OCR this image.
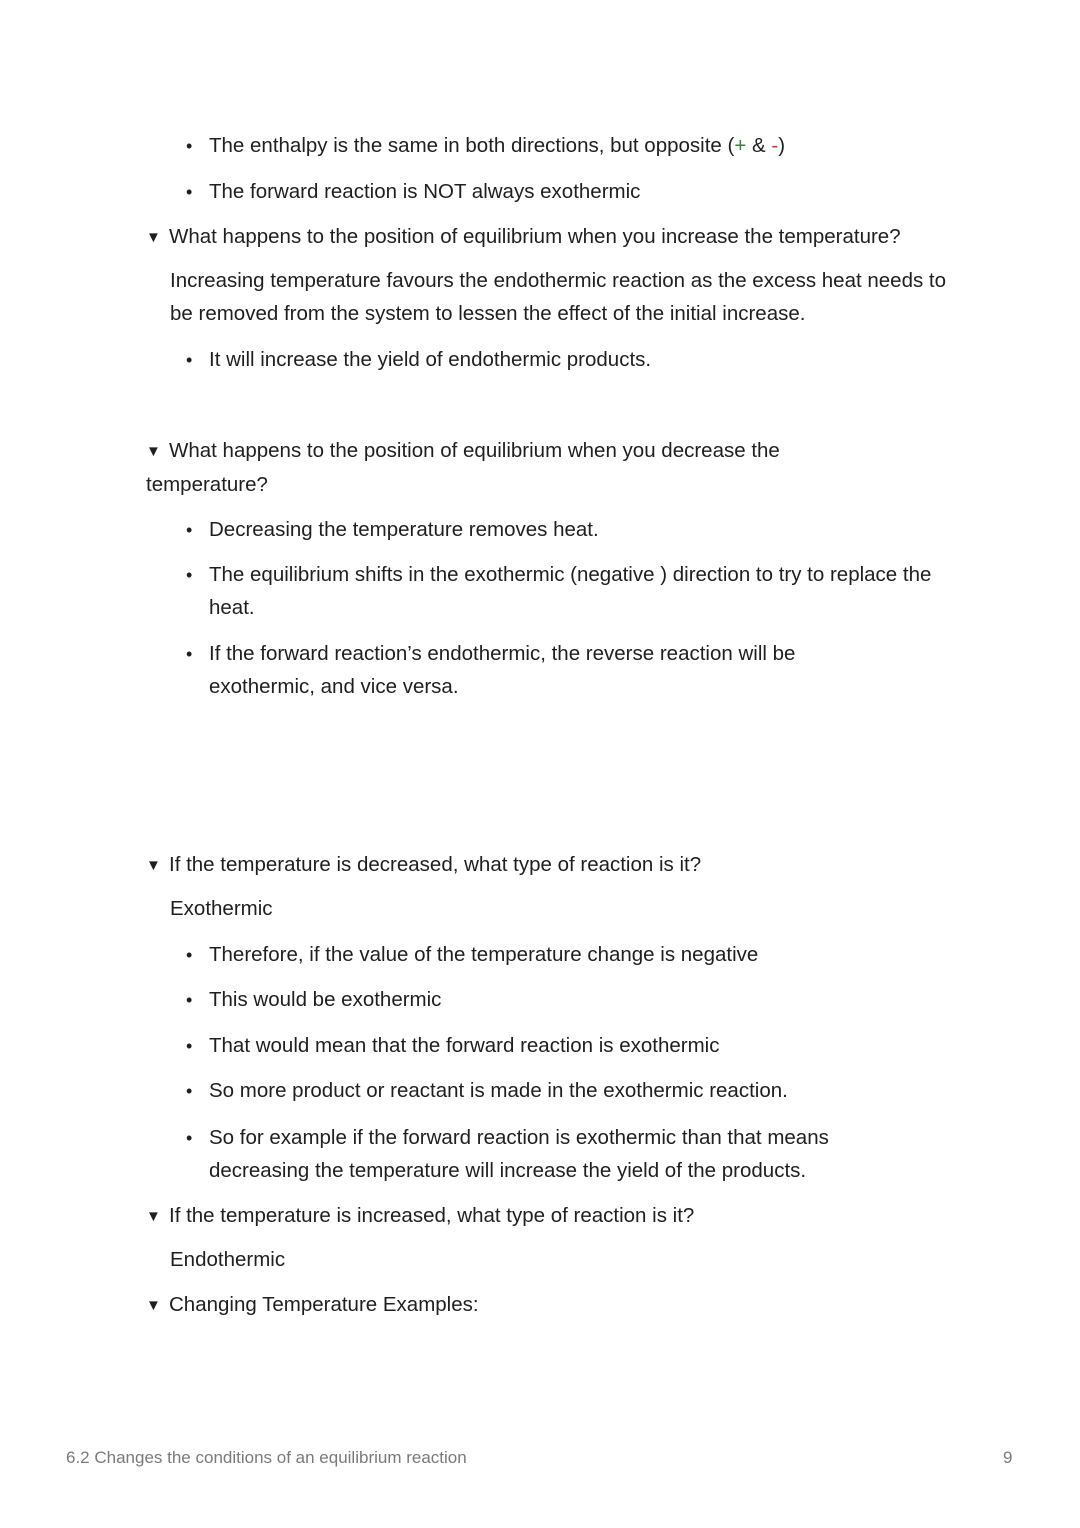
• The enthalpy is the same in both directions, but opposite (+ & -)
• The forward reaction is NOT always exothermic
▼ What happens to the position of equilibrium when you increase the temperature?
Increasing temperature favours the endothermic reaction as the excess heat needs to be removed from the system to lessen the effect of the initial increase.
• It will increase the yield of endothermic products.
▼ What happens to the position of equilibrium when you decrease the temperature?
• Decreasing the temperature removes heat.
• The equilibrium shifts in the exothermic (negative ) direction to try to replace the heat.
• If the forward reaction’s endothermic, the reverse reaction will be exothermic, and vice versa.
▼ If the temperature is decreased, what type of reaction is it?
Exothermic
• Therefore, if the value of the temperature change is negative
• This would be exothermic
• That would mean that the forward reaction is exothermic
• So more product or reactant is made in the exothermic reaction.
• So for example if the forward reaction is exothermic than that means decreasing the temperature will increase the yield of the products.
▼ If the temperature is increased, what type of reaction is it?
Endothermic
▼ Changing Temperature Examples:
6.2 Changes the conditions of an equilibrium reaction	9
